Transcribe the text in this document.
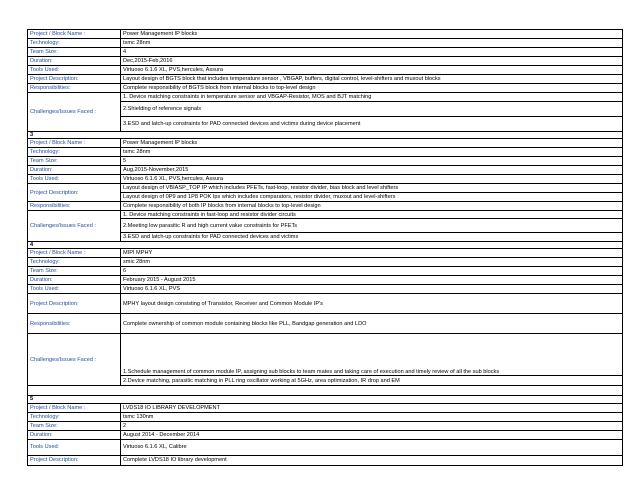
Project / Block Name :	Power Management IP blocks
Technology:	tsmc 28nm
Team Size:	4
Duration:	Dec,2015-Feb,2016
Tools Used:	Virtuoso 6.1.6 XL, PVS,hercules, Assura
Project Description:	Layout design of BGTS block that includes temperature sensor , VBGAP, buffers, digital control, level-shifters and muxout blocks
Responsibilities:	Complete responsibility of BGTS block from internal blocks to top-level design
Challenges/Issues Faced :	1. Device matching constraints in temperature sensor and VBGAP-Resistor, MOS and BJT matching
	2.Shielding of reference signals
	3.ESD and latch-up constraints for PAD connected devices and victims during device placement
3	
Project / Block Name :	Power Management IP blocks
Technology:	tsmc 28nm
Team Size:	5
Duration:	Aug,2015-November,2015
Tools Used:	Virtuoso 6.1.6 XL, PVS,hercules, Assura
Project Description:	Layout design of VBIASP_TOP IP which includes PFETs, fast-loop, resistor divider, bias block and level shifters
	Layout design of 0P9 and 1P8 POK Ips which includes comparators, resistor divider, muxout and level-shifters
Responsibilities:	Complete responsibility of both IP blocks from internal blocks to top-level design
Challenges/Issues Faced :	1. Device matching constraints in fast-loop and resistor divider circuits
	2.Meeting low parasitic R and high current value constraints for PFETs
	3.ESD and latch-up constraints for PAD connected devices and victims
4	
Project / Block Name :	MIPI MPHY
Technology:	smic 28nm
Team Size:	6
Duration:	February 2015 - August 2015
Tools Used:	Virtuoso 6.1.6 XL, PVS
Project Description:	MPHY layout design consisting of Transistor, Receiver and Common Module IP's
Responsibilities:	Complete ownership of common module containing blocks like PLL, Bandgap generation and LDO
Challenges/Issues Faced :	1.Schedule management of common module IP, assigning sub blocks to team mates and taking care of execution and timely review of all the sub blocks
	2.Device matching, parasitic matching in PLL ring oscillator working at 5GHz, area optimization, IR drop and EM

5	
Project / Block Name :	LVDS18 IO LIBRARY DEVELOPMENT
Technology:	tsmc 130nm
Team Size:	2
Duration:	August 2014 - December 2014
Tools Used:	Virtuoso 6.1.6 XL, Calibre
Project Description:	Complete LVDS18 IO library development
